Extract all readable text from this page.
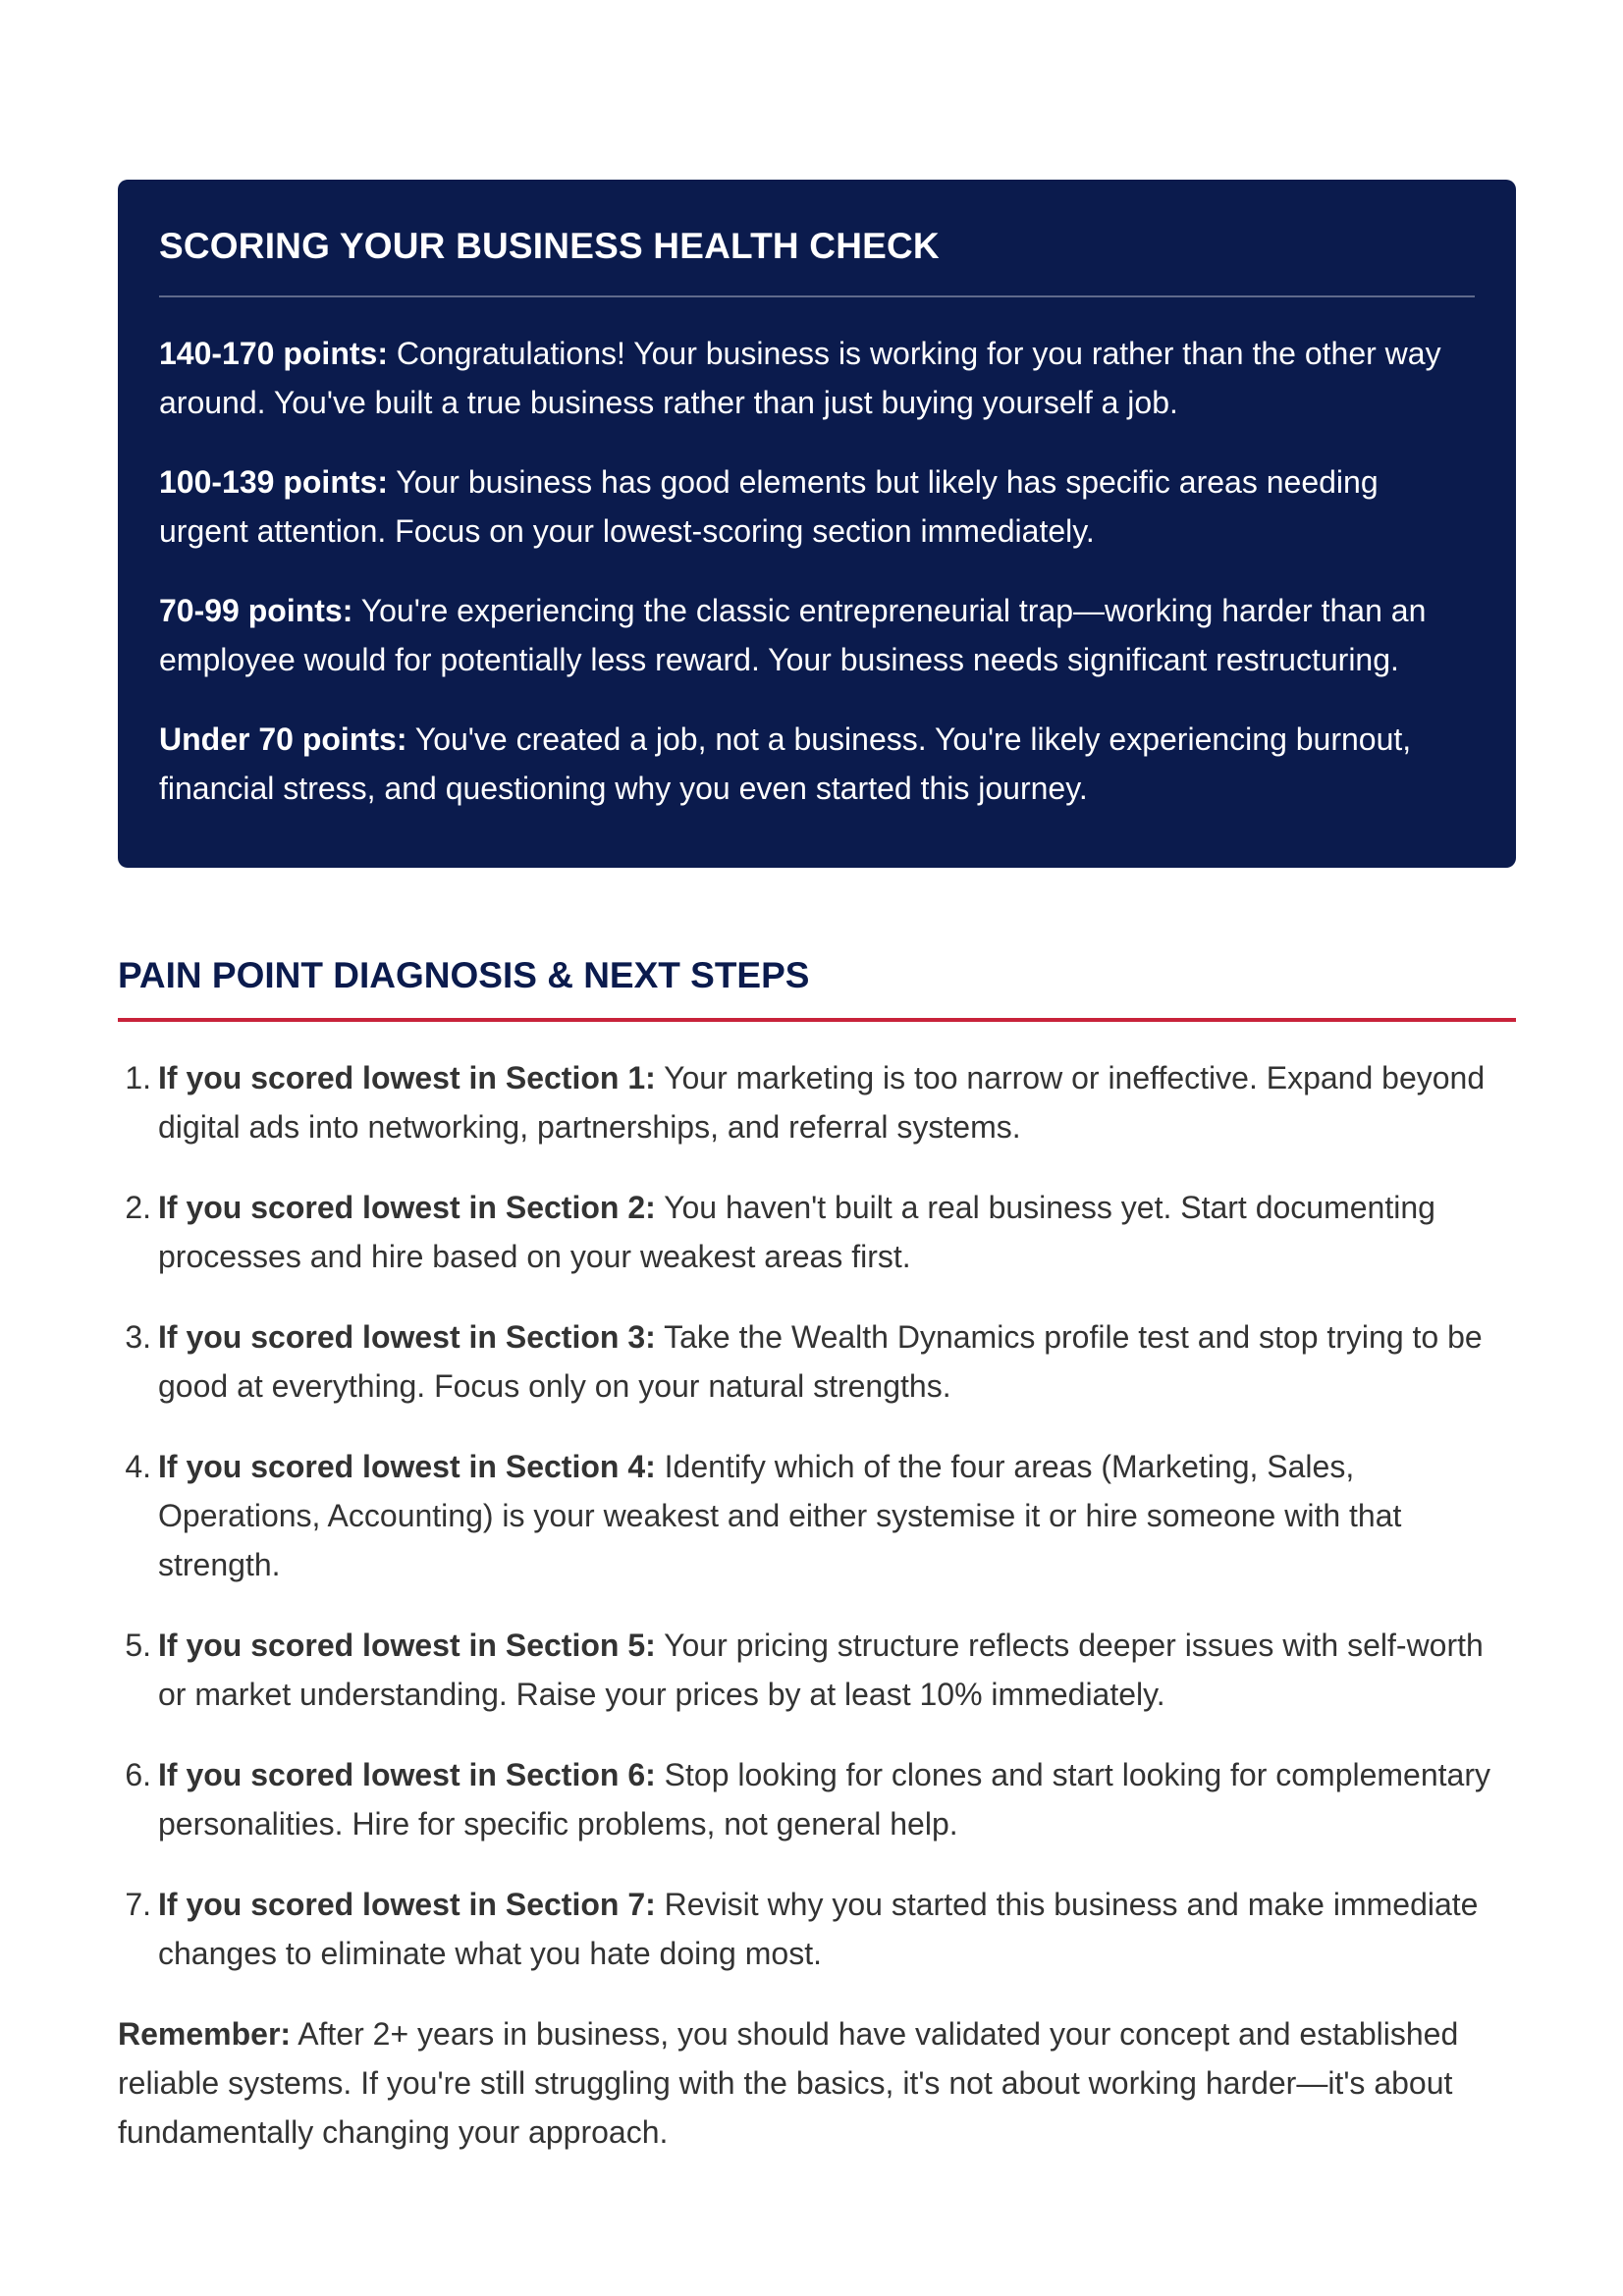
SCORING YOUR BUSINESS HEALTH CHECK

140-170 points: Congratulations! Your business is working for you rather than the other way around. You've built a true business rather than just buying yourself a job.

100-139 points: Your business has good elements but likely has specific areas needing urgent attention. Focus on your lowest-scoring section immediately.

70-99 points: You're experiencing the classic entrepreneurial trap—working harder than an employee would for potentially less reward. Your business needs significant restructuring.

Under 70 points: You've created a job, not a business. You're likely experiencing burnout, financial stress, and questioning why you even started this journey.

PAIN POINT DIAGNOSIS & NEXT STEPS
1. If you scored lowest in Section 1: Your marketing is too narrow or ineffective. Expand beyond digital ads into networking, partnerships, and referral systems.
2. If you scored lowest in Section 2: You haven't built a real business yet. Start documenting processes and hire based on your weakest areas first.
3. If you scored lowest in Section 3: Take the Wealth Dynamics profile test and stop trying to be good at everything. Focus only on your natural strengths.
4. If you scored lowest in Section 4: Identify which of the four areas (Marketing, Sales, Operations, Accounting) is your weakest and either systemise it or hire someone with that strength.
5. If you scored lowest in Section 5: Your pricing structure reflects deeper issues with self-worth or market understanding. Raise your prices by at least 10% immediately.
6. If you scored lowest in Section 6: Stop looking for clones and start looking for complementary personalities. Hire for specific problems, not general help.
7. If you scored lowest in Section 7: Revisit why you started this business and make immediate changes to eliminate what you hate doing most.

Remember: After 2+ years in business, you should have validated your concept and established reliable systems. If you're still struggling with the basics, it's not about working harder—it's about fundamentally changing your approach.
